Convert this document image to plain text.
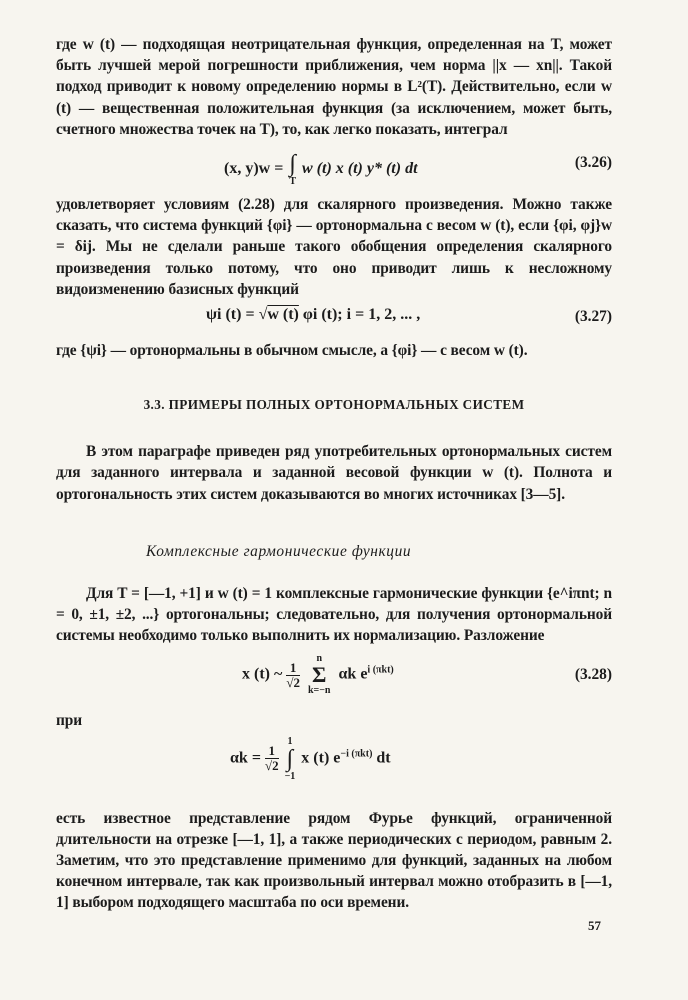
где w (t) — подходящая неотрицательная функция, определенная на T, может быть лучшей мерой погрешности приближения, чем норма ||x — xn||. Такой подход приводит к новому определению нормы в L²(T). Действительно, если w (t) — вещественная положительная функция (за исключением, может быть, счетного множества точек на T), то, как легко показать, интеграл

(x, y)w = ∫
T
w (t) x (t) y* (t) dt	(3.26)

удовлетворяет условиям (2.28) для скалярного произведения. Можно также сказать, что система функций {φi} — ортонормальна с весом w (t), если {φi, φj}w = δij. Мы не сделали раньше такого обобщения определения скалярного произведения только потому, что оно приводит лишь к несложному видоизменению базисных функций

ψi (t) = √w (t) φi (t); i = 1, 2, ... ,	(3.27)

где {ψi} — ортонормальны в обычном смысле, а {φi} — с весом w (t).

3.3. ПРИМЕРЫ ПОЛНЫХ ОРТОНОРМАЛЬНЫХ СИСТЕМ

В этом параграфе приведен ряд употребительных ортонормальных систем для заданного интервала и заданной весовой функции w (t). Полнота и ортогональность этих систем доказываются во многих источниках [3—5].

Комплексные гармонические функции

Для T = [—1, +1] и w (t) = 1 комплексные гармонические функции {e^iπnt; n = 0, ±1, ±2, ...} ортогональны; следовательно, для получения ортонормальной системы необходимо только выполнить их нормализацию. Разложение

x (t) ~ $\frac{1}{√2}$

n
Σ
k=−n
αk $e^{i (\pi kt)}$	(3.28)

при

$\alpha k = \frac{1}{√2}$

1
∫
−1
x (t) $e^{-i (\pi kt)}$ dt

есть известное представление рядом Фурье функций, ограниченной длительности на отрезке [—1, 1], а также периодических с периодом, равным 2. Заметим, что это представление применимо для функций, заданных на любом конечном интервале, так как произвольный интервал можно отобразить в [—1, 1] выбором подходящего масштаба по оси времени.

57
